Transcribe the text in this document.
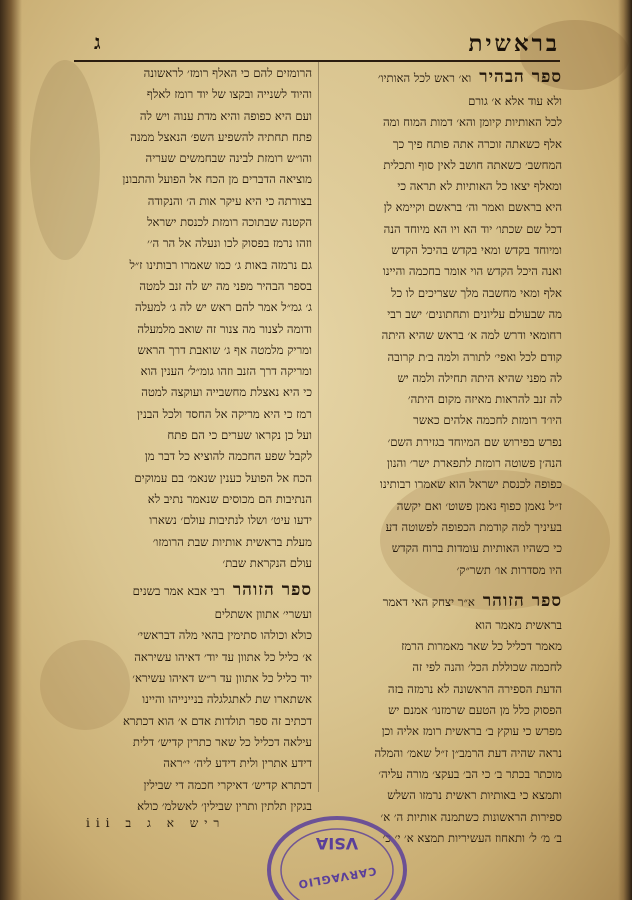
בראשית
ג
ספר הבהירוא׳ ראש לכל האותיו׳
ולא עוד אלא א׳ גורם
לכל האותיות קיומן והא׳ דמות המוח ומה
אלף כשאתה זוכרה אתה פותח פיך כך
המחשב׳ כשאתה חושב לאין סוף ותכלית
ומאלף יצאו כל האותיות לא תראה כי
היא בראשם ואמר וה׳ בראשם וקיימא לן
דכל שם שכתו׳ יוד הא ויו הא מיוחד הנה
ומיוחד בקדש ומאי בקדש בהיכל הקדש
ואנה היכל הקדש הוי אומר בחכמה והיינו
אלף ומאי מחשבה מלך שצריכים לו כל
מה שבעולם עליונים ותחתונים׳ ישב רבי
רחומאי ודרש למה א׳ בראש שהיא היתה
קודם לכל ואפי׳ לתורה ולמה ב׳ת קרובה
לה מפני שהיא היתה תחילה ולמה יש
לה זנב להראות מאיזה מקום היתה׳
היו׳ד רומזת לחכמה אלהים כאשר
נפרש בפירוש שם המיוחד בגזירת השם׳
הנה׳ן פשוטה רומזת לתפארת ישר׳ והנון
כפופה לכנסת ישראל הוא שאמרו רבותינו
ז״ל נאמן כפוף נאמן פשוט׳ ואם יקשה
בעיניך למה קודמת הכפופה לפשוטה דע
כי כשהיו האותיות עומדות ברוח הקדש
היו מסדרות או׳ תשר״ק׳
ספר הזוהרא״ר יצחק האי דאמר
בראשית מאמר הוא
מאמר דכליל כל שאר מאמרות הרמז
לחכמה שכוללת הכל׳ והנה לפי זה
הדעת הספירה הראשונה לא נרמזה בזה
הפסוק כלל מן הטעם שרמזנו׳ אמנם יש
מפרש כי עוקץ ב׳ בראשית רומז אליה וכן
נראה שהיה דעת הרמב״ן ז״ל שאמ׳ והמלה
מוכתר בכתר ב׳ כי הב׳ בעקצ׳ מורה עליה׳
ותמצא כי באותיות ראשית נרמזו השלש
ספירות הראשונות כשתמנה אותיות ה׳ א׳
ב׳ מ׳ ל׳ ותאחוז העשיריות תמצא א׳ י׳ כ׳
הרומזים להם כי האלף רומז׳ לראשונה
והיוד לשנייה ובקצו של יוד רומז לאלף
ועם היא כפופה והיא מדת ענוה ויש לה
פתח תחתיה להשפיע השפ׳ הנאצל ממנה
והו״ש רומזת לבינה שבחמשים שעריה
מוציאה הדברים מן הכח אל הפועל והתבונן
בצורתה כי היא עיקר אות ה׳ והנקודה
הקטנה שבתוכה רומזת לכנסת ישראל
וזהו נרמז בפסוק לכו ונעלה אל הר ה׳׳
גם נרמזה באות ג׳ כמו שאמרו רבותינו ז״ל
בספר הבהיר מפני מה יש לה זנב למטה
ג׳ גמ״ל אמר להם ראש יש לה ג׳ למעלה
ודומה לצנור מה צנור זה שואב מלמעלה
ומריק מלמטה אף ג׳ שואבת דרך הראש
ומריקה דרך הזנב וזהו גומ״ל׳ הענין הוא
כי היא נאצלת מחשבייה ועוקצה למטה
רמז כי היא מריקה אל החסד ולכל הבנין
ועל כן נקראו שערים כי הם פתח
לקבל שפע החכמה להוציא כל דבר מן
הכח אל הפועל כענין שנאמ׳ בם עמוקים
הנתיבות הם מכוסים שנאמר נתיב לא
ידעו עיט׳ ושלו לנתיבות עולם׳ נשארו
מעלת בראשית אותיות שבת הרומזו׳
עולם הנקראת שבת׳
ספר הזוהררבי אבא אמר בשנים
ועשרי׳ אתוון אשתלים
כולא וכולהו סתימין בהאי מלה דבראשי׳
א׳ כליל כל אתוון עד יוד׳ דאיהו עשיראה
יוד כליל כל אתוון עד ר״ש דאיהו עשירא׳
אשתארו שת לאתגלגלה בניינייהו והיינו
דכתיב זה ספר תולדות אדם א׳ הוא דכתרא
עילאה דכליל כל שאר כתרין קדיש׳ דלית
דידע אתרין ולית דידע ליה׳ י״ראה
דכתרא קדיש׳ דאיקרי חכמה די שבילין
בגקין תלתין ותרין שבילין׳ לאשלמ׳ כולא
ריש א ג ב iii
VSIA
CARVAGLIO
